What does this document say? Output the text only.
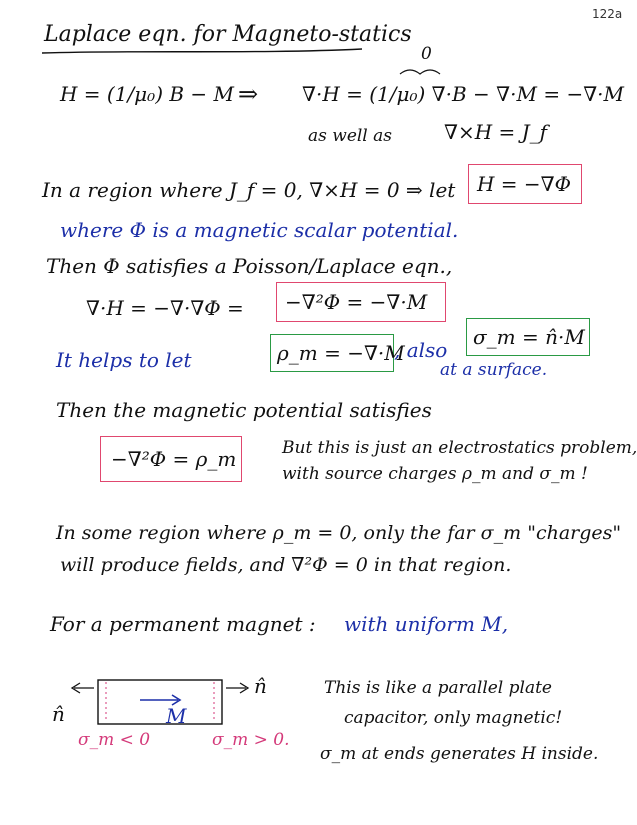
122a
Laplace eqn. for Magneto-statics
H = (1/μ₀) B − M ⇒ ∇·H = (1/μ₀) ∇·B − ∇·M = −∇·M
0
as well as	∇×H = J_f
In a region where J_f = 0, ∇×H = 0 ⇒ let H = −∇Φ
where Φ is a magnetic scalar potential.
Then Φ satisfies a Poisson/Laplace eqn.,
∇·H = −∇·∇Φ = −∇²Φ = −∇·M
It helps to let	ρ_m = −∇·M
, also
σ_m = n̂·M
at a surface.
Then the magnetic potential satisfies
−∇²Φ = ρ_m	But this is just an electrostatics problem,
with source charges ρ_m and σ_m !
In some region where ρ_m = 0, only the far σ_m "charges"
will produce fields, and ∇²Φ = 0 in that region.
For a permanent magnet : with uniform M,
n̂
n̂
M
σ_m < 0	σ_m > 0.
This is like a parallel plate
capacitor, only magnetic!
σ_m at ends generates H inside.
